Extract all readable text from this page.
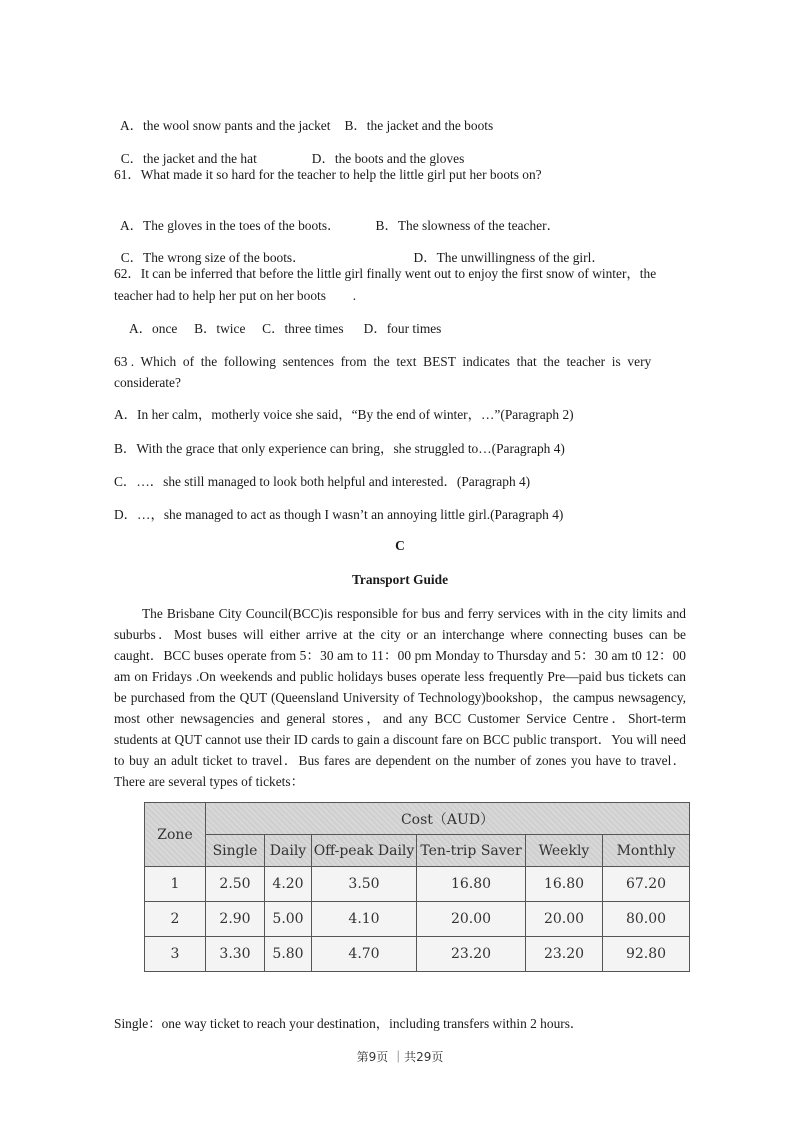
A．the wool snow pants and the jacket B．the jacket and the boots

C．the jacket and the hat	D．the boots and the gloves

61．What made it so hard for the teacher to help the little girl put her boots on?

A．The gloves in the toes of the boots．	B．The slowness of the teacher．

C．The wrong size of the boots．	D．The unwillingness of the girl．

62．It can be inferred that before the little girl finally went out to enjoy the first snow of winter，the
teacher had to help her put on her boots        .
A．once     B．twice     C．three times      D．four times
63 .  Which  of  the  following  sentences  from  the  text  BEST  indicates  that  the  teacher  is  very
considerate?
A．In her calm，motherly voice she said，“By the end of winter，…”(Paragraph 2)
B．With the grace that only experience can bring，she struggled to…(Paragraph 4)
C．…．she still managed to look both helpful and interested．(Paragraph 4)
D．…，she managed to act as though I wasn’t an annoying little girl.(Paragraph 4)
C
Transport Guide

The Brisbane City Council(BCC)is responsible for bus and ferry services with in the city limits and suburbs．Most buses will either arrive at the city or an interchange where connecting buses can be caught．BCC buses operate from 5：30 am to 11：00 pm Monday to Thursday and 5：30 am t0 12：00 am on Fridays .On weekends and public holidays buses operate less frequently Pre—paid bus tickets can be purchased from the QUT (Queensland University of Technology)bookshop，the campus newsagency, most other newsagencies and general stores，and any BCC Customer Service Centre．Short-term students at QUT cannot use their ID cards to gain a discount fare on BCC public transport．You will need to buy an adult ticket to travel．Bus fares are dependent on the number of zones you have to travel．There are several types of tickets：

Zone	Cost（AUD）					
	Single	Daily	Off-peak Daily	Ten-trip Saver	Weekly	Monthly
1	2.50	4.20	3.50	16.80	16.80	67.20
2	2.90	5.00	4.10	20.00	20.00	80.00
3	3.30	5.80	4.70	23.20	23.20	92.80
Single：one way ticket to reach your destination，including transfers within 2 hours．
第9页 ｜共29页
